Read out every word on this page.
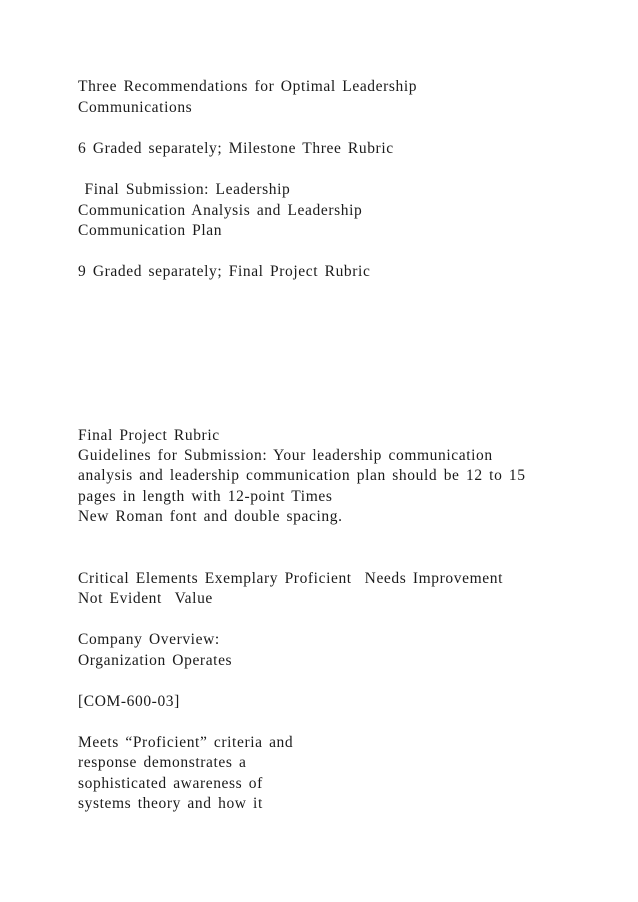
Three Recommendations for Optimal Leadership

Communications

6 Graded separately; Milestone Three Rubric

Final Submission: Leadership

Communication Analysis and Leadership

Communication Plan

9 Graded separately; Final Project Rubric

Final Project Rubric

Guidelines for Submission: Your leadership communication

analysis and leadership communication plan should be 12 to 15

pages in length with 12-point Times

New Roman font and double spacing.

Critical Elements Exemplary Proficient  Needs Improvement

Not Evident  Value

Company Overview:

Organization Operates

[COM-600-03]

Meets “Proficient” criteria and

response demonstrates a

sophisticated awareness of

systems theory and how it
